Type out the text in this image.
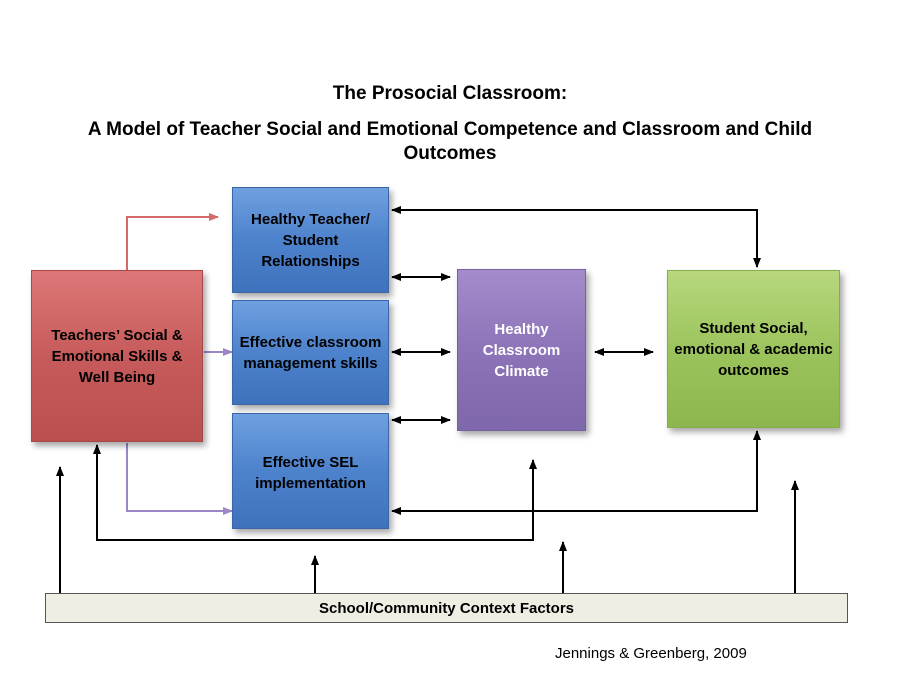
The Prosocial Classroom:
A Model of Teacher Social and Emotional Competence and Classroom and Child Outcomes
Teachers’ Social & Emotional Skills & Well Being
Healthy Teacher/ Student Relationships
Effective classroom management skills
Effective SEL implementation
Healthy Classroom Climate
Student Social, emotional & academic outcomes
School/Community Context Factors
Jennings & Greenberg, 2009
